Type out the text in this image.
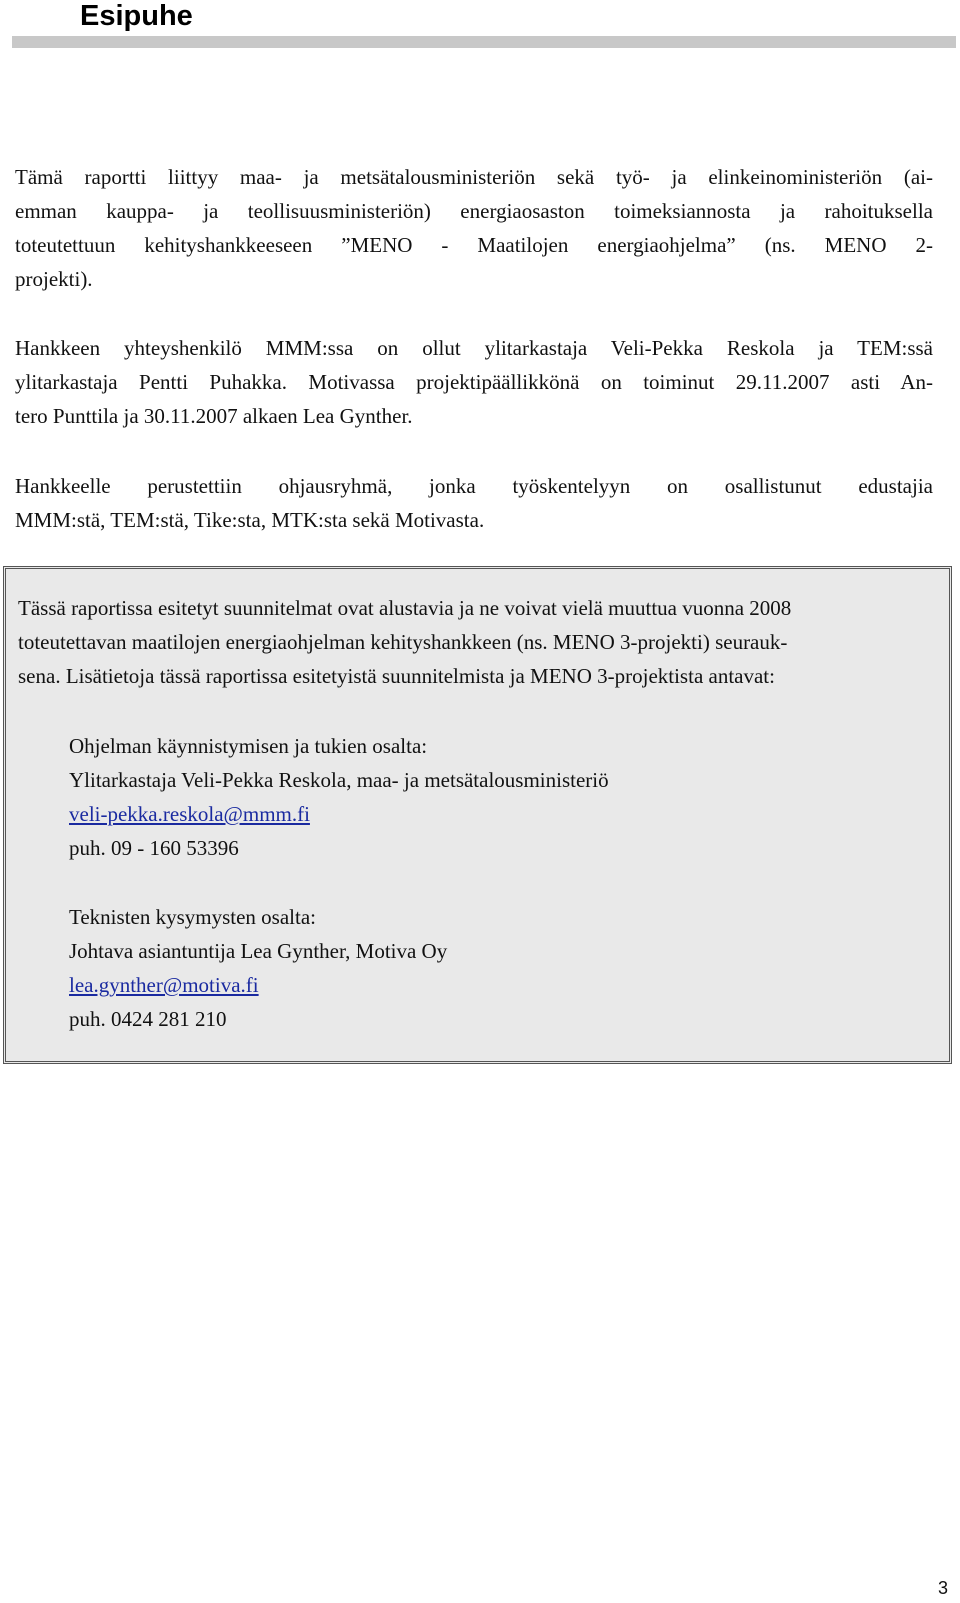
Esipuhe

Tämä raportti liittyy maa- ja metsätalousministeriön sekä työ- ja elinkeinoministeriön (ai-
emman kauppa- ja teollisuusministeriön) energiaosaston toimeksiannosta ja rahoituksella
toteutettuun kehityshankkeeseen ”MENO - Maatilojen energiaohjelma” (ns. MENO 2-
projekti).

Hankkeen yhteyshenkilö MMM:ssa on ollut ylitarkastaja Veli-Pekka Reskola ja TEM:ssä
ylitarkastaja Pentti Puhakka. Motivassa projektipäällikkönä on toiminut 29.11.2007 asti An-
tero Punttila ja 30.11.2007 alkaen Lea Gynther.

Hankkeelle perustettiin ohjausryhmä, jonka työskentelyyn on osallistunut edustajia
MMM:stä, TEM:stä, Tike:sta, MTK:sta sekä Motivasta.

Tässä raportissa esitetyt suunnitelmat ovat alustavia ja ne voivat vielä muuttua vuonna 2008
toteutettavan maatilojen energiaohjelman kehityshankkeen (ns. MENO 3-projekti) seurauk-
sena. Lisätietoja tässä raportissa esitetyistä suunnitelmista ja MENO 3-projektista antavat:

Ohjelman käynnistymisen ja tukien osalta:
Ylitarkastaja Veli-Pekka Reskola, maa- ja metsätalousministeriö
veli-pekka.reskola@mmm.fi
puh. 09 - 160 53396
Teknisten kysymysten osalta:
Johtava asiantuntija Lea Gynther, Motiva Oy
lea.gynther@motiva.fi
puh. 0424 281 210
3
